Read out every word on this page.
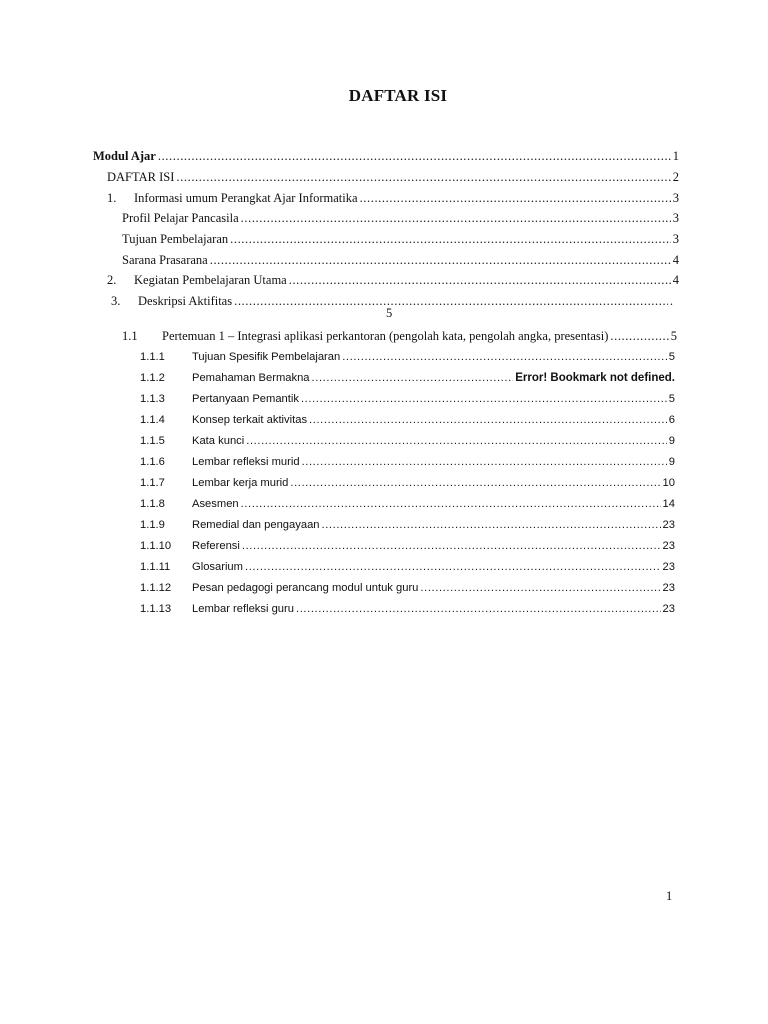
DAFTAR ISI
Modul Ajar .....	1
DAFTAR ISI .....	2
1.	Informasi umum Perangkat Ajar Informatika .....	3
Profil Pelajar Pancasila .....	3
Tujuan Pembelajaran .....	3
Sarana Prasarana .....	4
2.	Kegiatan Pembelajaran Utama .....	4
3.	Deskripsi Aktifitas .....	.
5
1.1	Pertemuan 1 – Integrasi aplikasi perkantoran (pengolah kata, pengolah angka, presentasi) .....	5
1.1.1	Tujuan Spesifik Pembelajaran .....	5
1.1.2	Pemahaman Bermakna .....	Error! Bookmark not defined.
1.1.3	Pertanyaan Pemantik .....	5
1.1.4	Konsep terkait aktivitas .....	6
1.1.5	Kata kunci .....	9
1.1.6	Lembar refleksi murid .....	9
1.1.7	Lembar kerja murid .....	10
1.1.8	Asesmen .....	14
1.1.9	Remedial dan pengayaan .....	23
1.1.10	Referensi .....	23
1.1.11	Glosarium .....	23
1.1.12	Pesan pedagogi perancang modul untuk guru .....	23
1.1.13	Lembar refleksi guru .....	23
1
